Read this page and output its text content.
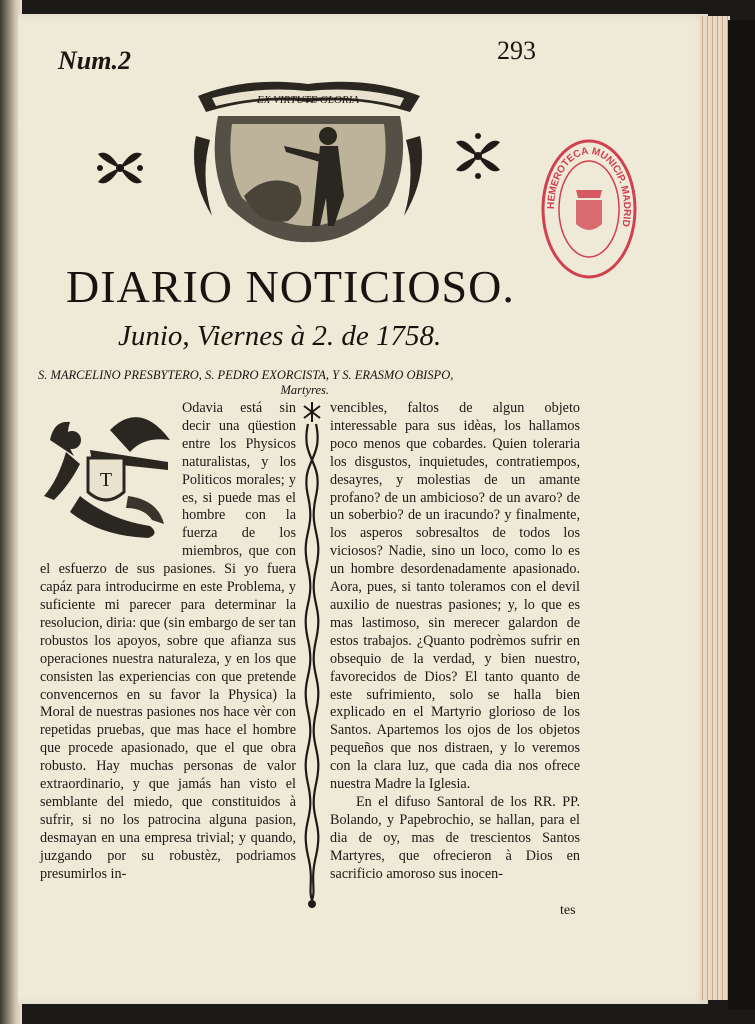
Num.2	293
EX VIRTUTE GLORIA
HEMEROTECA MUNICIP. MADRID
DIARIO NOTICIOSO.
Junio, Viernes à 2. de 1758.
S. MARCELINO PRESBYTERO, S. PEDRO EXORCISTA, Y S. ERASMO OBISPO,
Martyres.
T

Odavia está sin decir una qüestion entre los Physicos naturalistas, y los Politicos morales; y es, si puede mas el hombre con la fuerza de los miembros, que con el esfuerzo de sus pasiones. Si yo fuera capáz para introducirme en este Problema, y suficiente mi parecer para determinar la resolucion, diria: que (sin embargo de ser tan robustos los apoyos, sobre que afianza sus operaciones nuestra naturaleza, y en los que consisten las experiencias con que pretende convencernos en su favor la Physica) la Moral de nuestras pasiones nos hace vèr con repetidas pruebas, que mas hace el hombre que procede apasionado, que el que obra robusto. Hay muchas personas de valor extraordinario, y que jamás han visto el semblante del miedo, que constituidos à sufrir, si no los patrocina alguna pasion, desmayan en una empresa trivial; y quando, juzgando por su robustèz, podriamos presumirlos in-

vencibles, faltos de algun objeto interessable para sus idèas, los hallamos poco menos que cobardes. Quien toleraria los disgustos, inquietudes, contratiempos, desayres, y molestias de un amante profano? de un ambicioso? de un avaro? de un soberbio? de un iracundo? y finalmente, los asperos sobresaltos de todos los viciosos? Nadie, sino un loco, como lo es un hombre desordenadamente apasionado. Aora, pues, si tanto toleramos con el devil auxilio de nuestras pasiones; y, lo que es mas lastimoso, sin merecer galardon de estos trabajos. ¿Quanto podrèmos sufrir en obsequio de la verdad, y bien nuestro, favorecidos de Dios? El tanto quanto de este sufrimiento, solo se halla bien explicado en el Martyrio glorioso de los Santos. Apartemos los ojos de los objetos pequeños que nos distraen, y lo veremos con la clara luz, que cada dia nos ofrece nuestra Madre la Iglesia.

En el difuso Santoral de los RR. PP. Bolando, y Papebrochio, se hallan, para el dia de oy, mas de trescientos Santos Martyres, que ofrecieron à Dios en sacrificio amoroso sus inocen-

tes
